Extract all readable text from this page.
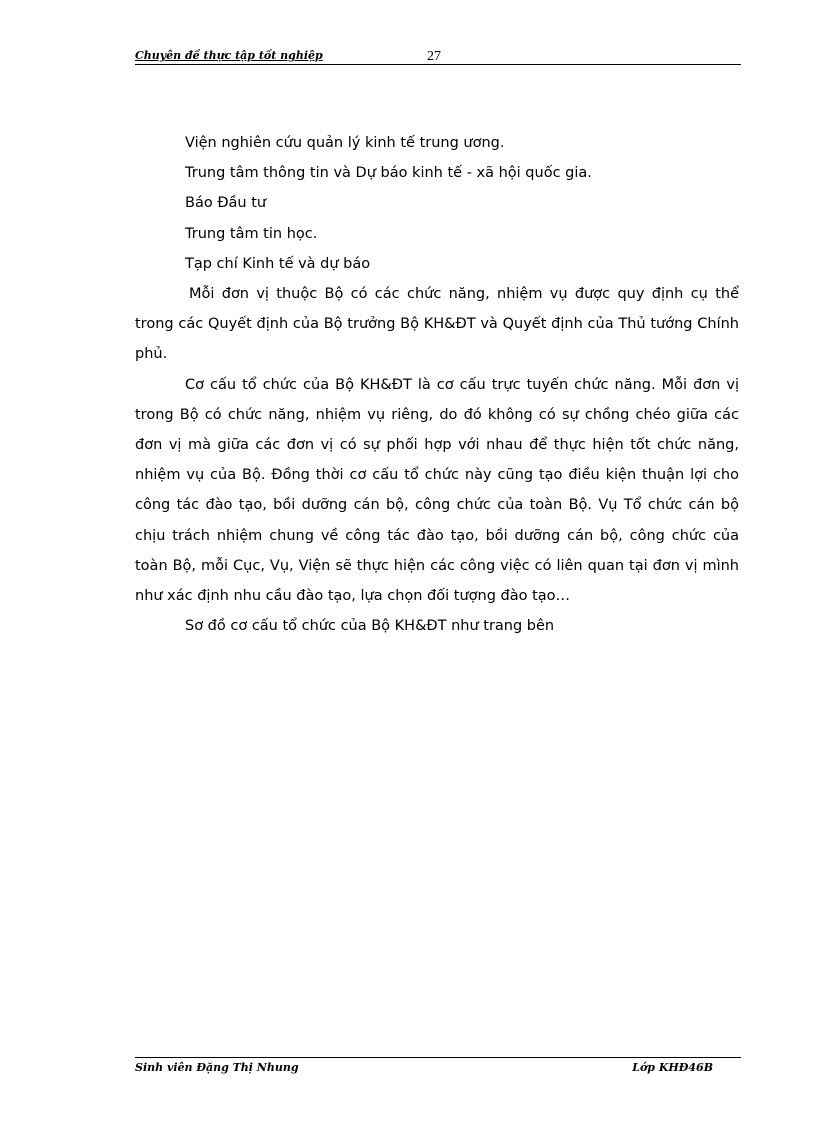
Chuyên đề thực tập tốt nghiệp	27

Viện nghiên cứu quản lý kinh tế trung ương.

Trung tâm thông tin và Dự báo kinh tế - xã hội quốc gia.

Báo Đầu tư

Trung tâm tin học.

Tạp chí Kinh tế và dự báo

Mỗi đơn vị thuộc Bộ có các chức năng, nhiệm vụ được quy định cụ thể trong các Quyết định của Bộ trưởng Bộ KH&ĐT và Quyết định của Thủ tướng Chính phủ.

Cơ cấu tổ chức của Bộ KH&ĐT là cơ cấu trực tuyến chức năng. Mỗi đơn vị trong Bộ có chức năng, nhiệm vụ riêng, do đó không có sự chồng chéo giữa các đơn vị mà giữa các đơn vị có sự phối hợp với nhau để thực hiện tốt chức năng, nhiệm vụ của Bộ. Đồng thời cơ cấu tổ chức này cũng tạo điều kiện thuận lợi cho công tác đào tạo, bồi dưỡng cán bộ, công chức của toàn Bộ. Vụ Tổ chức cán bộ chịu trách nhiệm chung về công tác đào tạo, bồi dưỡng cán bộ, công chức của toàn Bộ, mỗi Cục, Vụ, Viện sẽ thực hiện các công việc có liên quan tại đơn vị mình như xác định nhu cầu đào tạo, lựa chọn đối tượng đào tạo…

Sơ đồ cơ cấu tổ chức của Bộ KH&ĐT như trang bên

Sinh viên Đặng Thị Nhung	Lớp KHĐ46B
